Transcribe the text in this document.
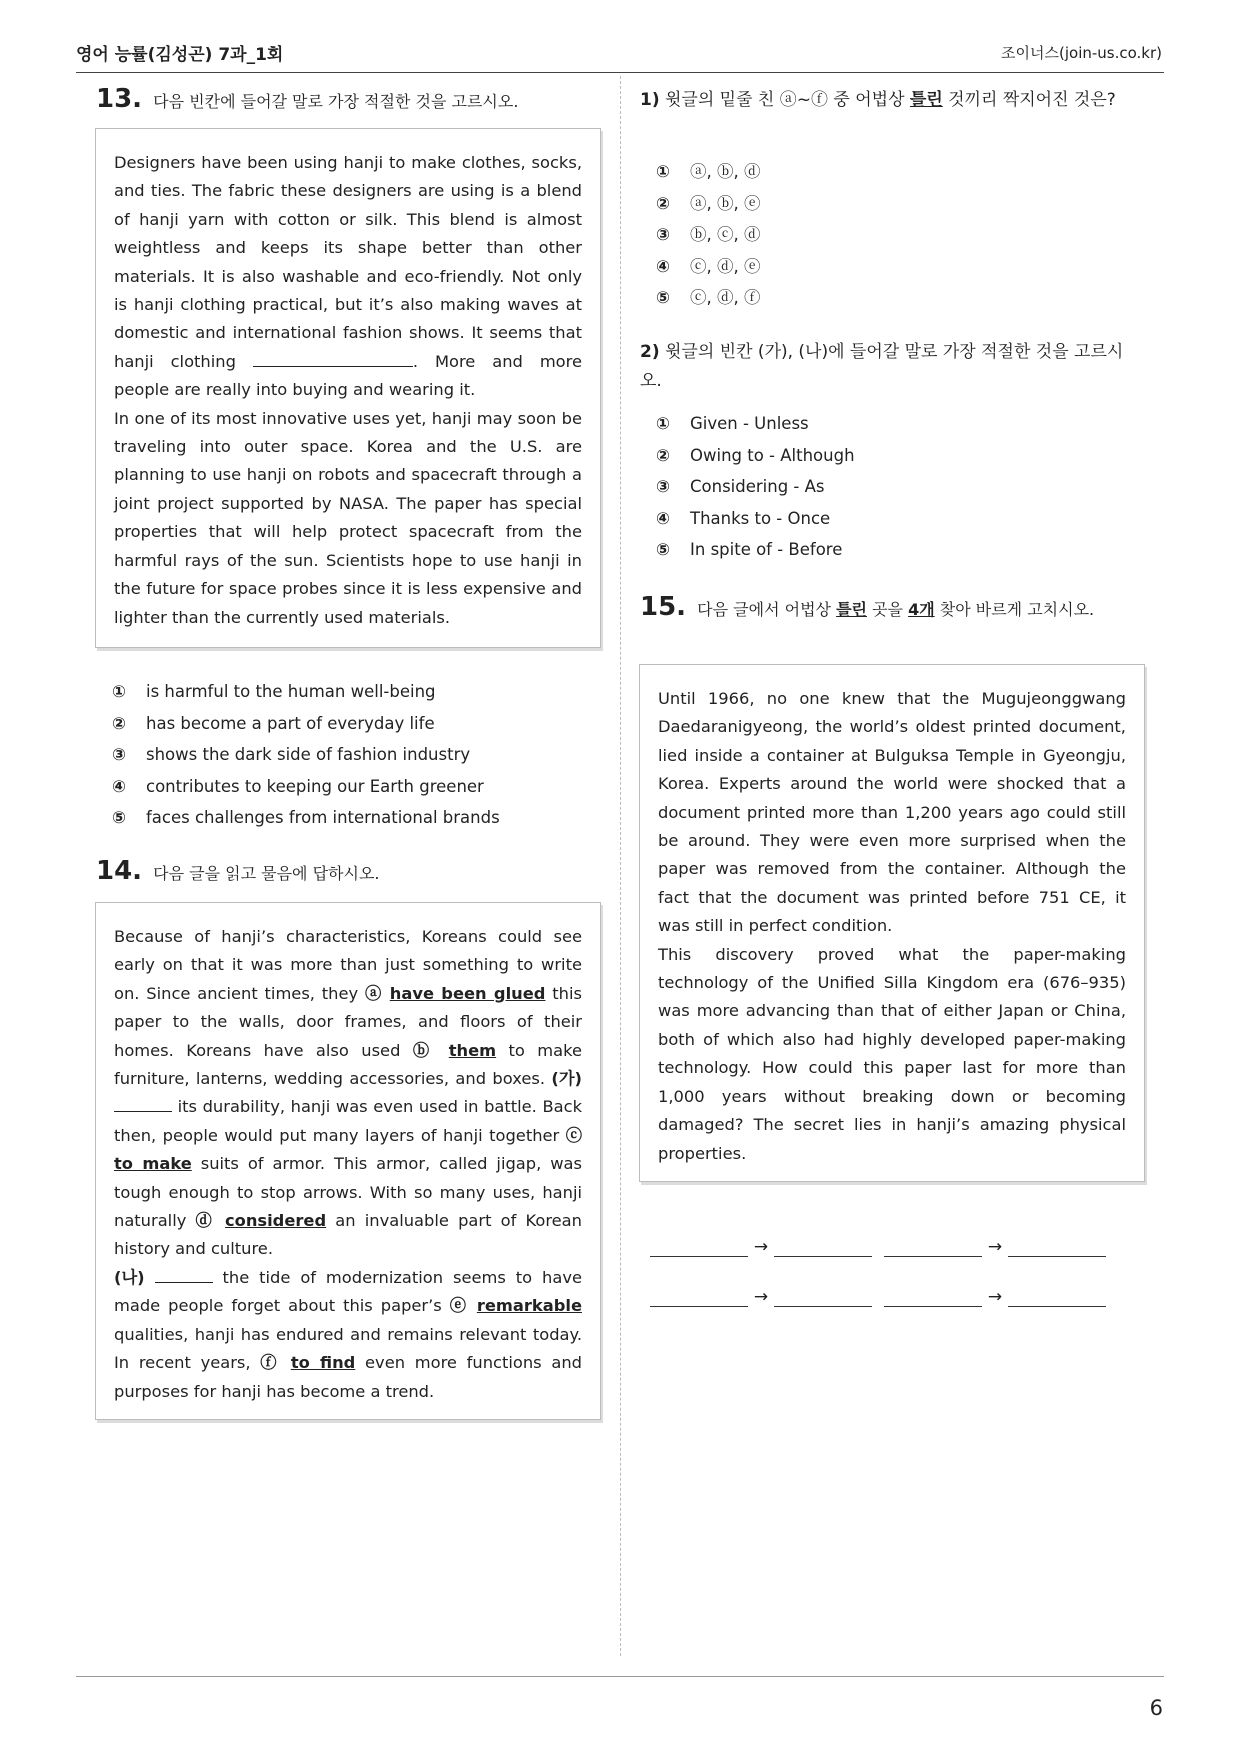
영어 능률(김성곤) 7과_1회	조이너스(join-us.co.kr)
13. 다음 빈칸에 들어갈 말로 가장 적절한 것을 고르시오.

Designers have been using hanji to make clothes, socks, and ties. The fabric these designers are using is a blend of hanji yarn with cotton or silk. This blend is almost weightless and keeps its shape better than other materials. It is also washable and eco-friendly. Not only is hanji clothing practical, but it’s also making waves at domestic and international fashion shows. It seems that hanji clothing	. More and more people are really into buying and wearing it.

In one of its most innovative uses yet, hanji may soon be traveling into outer space. Korea and the U.S. are planning to use hanji on robots and spacecraft through a joint project supported by NASA. The paper has special properties that will help protect spacecraft from the harmful rays of the sun. Scientists hope to use hanji in the future for space probes since it is less expensive and lighter than the currently used materials.

① is harmful to the human well-being
② has become a part of everyday life
③ shows the dark side of fashion industry
④ contributes to keeping our Earth greener
⑤ faces challenges from international brands
14. 다음 글을 읽고 물음에 답하시오.

Because of hanji’s characteristics, Koreans could see early on that it was more than just something to write on. Since ancient times, they ⓐ have been glued this paper to the walls, door frames, and floors of their homes. Koreans have also used ⓑ them to make furniture, lanterns, wedding accessories, and boxes. (가)  its durability, hanji was even used in battle. Back then, people would put many layers of hanji together ⓒ to make suits of armor. This armor, called jigap, was tough enough to stop arrows. With so many uses, hanji naturally ⓓ considered an invaluable part of Korean history and culture.

(나)	the tide of modernization seems to have made people forget about this paper’s ⓔ remarkable qualities, hanji has endured and remains relevant today. In recent years, ⓕ to find even more functions and purposes for hanji has become a trend.

1) 윗글의 밑줄 친 ⓐ~ⓕ 중 어법상 틀린 것끼리 짝지어진 것은?
① ⓐ, ⓑ, ⓓ
② ⓐ, ⓑ, ⓔ
③ ⓑ, ⓒ, ⓓ
④ ⓒ, ⓓ, ⓔ
⑤ ⓒ, ⓓ, ⓕ
2) 윗글의 빈칸 (가), (나)에 들어갈 말로 가장 적절한 것을 고르시오.
① Given - Unless
② Owing to - Although
③ Considering - As
④ Thanks to - Once
⑤ In spite of - Before
15. 다음 글에서 어법상 틀린 곳을 4개 찾아 바르게 고치시오.

Until 1966, no one knew that the Mugujeonggwang Daedaranigyeong, the world’s oldest printed document, lied inside a container at Bulguksa Temple in Gyeongju, Korea. Experts around the world were shocked that a document printed more than 1,200 years ago could still be around. They were even more surprised when the paper was removed from the container. Although the fact that the document was printed before 751 CE, it was still in perfect condition.

This discovery proved what the paper-making technology of the Unified Silla Kingdom era (676–935) was more advancing than that of either Japan or China, both of which also had highly developed paper-making technology. How could this paper last for more than 1,000 years without breaking down or becoming damaged? The secret lies in hanji’s amazing physical properties.

→	→
→	→
6
